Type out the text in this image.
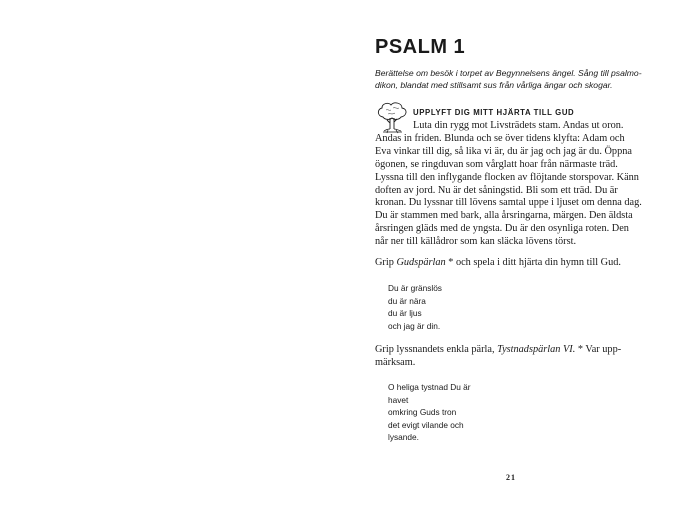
PSALM 1

Berättelse om besök i torpet av Begynnelsens ängel. Sång till psalmo-
dikon, blandat med stillsamt sus från vårliga ängar och skogar.

UPPLYFT DIG MITT HJÄRTA TILL GUD
Luta din rygg mot Livsträdets stam. Andas ut oron.
Andas in friden. Blunda och se över tidens klyfta: Adam och
Eva vinkar till dig, så lika vi är, du är jag och jag är du. Öppna
ögonen, se ringduvan som vårglatt hoar från närmaste träd.
Lyssna till den inflygande flocken av flöjtande storspovar. Känn
doften av jord. Nu är det såningstid. Bli som ett träd. Du är
kronan. Du lyssnar till lövens samtal uppe i ljuset om denna dag.
Du är stammen med bark, alla årsringarna, märgen. Den äldsta
årsringen gläds med de yngsta. Du är den osynliga roten. Den
når ner till källådror som kan släcka lövens törst.
Grip Gudspärlan * och spela i ditt hjärta din hymn till Gud.
Du är gränslös
du är nära
du är ljus
och jag är din.
Grip lyssnandets enkla pärla, Tystnadspärlan VI. * Var upp-
märksam.
O heliga tystnad Du är
havet
omkring Guds tron
det evigt vilande och
lysande.
21
